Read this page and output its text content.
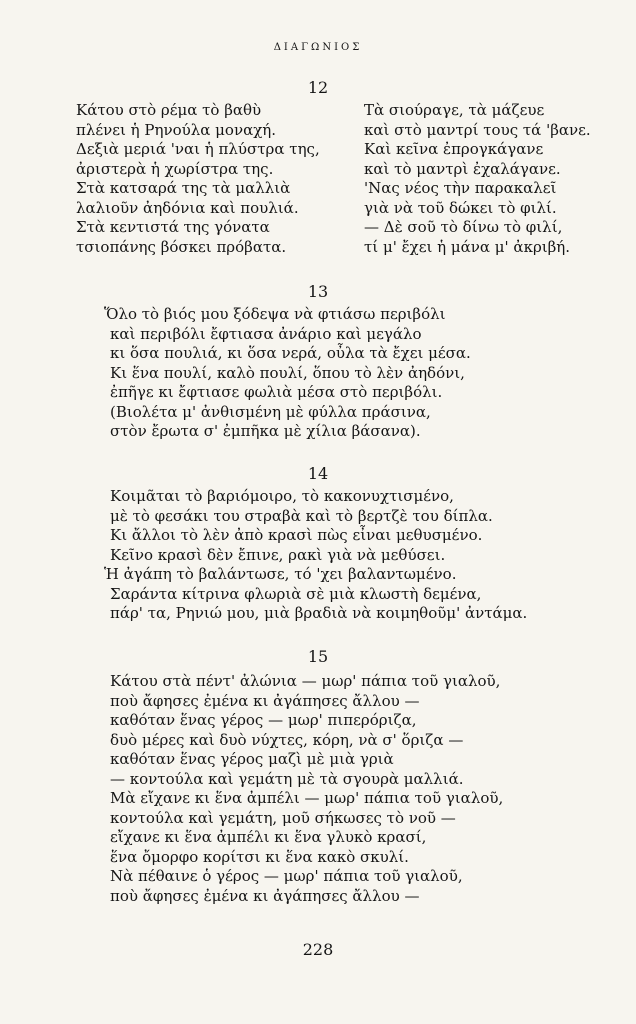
ΔΙΑΓΩΝΙΟΣ
12
Κάτου στὸ ρέμα τὸ βαθὺ
πλένει ἡ Ρηνούλα μοναχή.
Δεξιὰ μεριά 'ναι ἡ πλύστρα της,
ἀριστερὰ ἡ χωρίστρα της.
Στὰ κατσαρά της τὰ μαλλιὰ
λαλιοῦν ἀηδόνια καὶ πουλιά.
Στὰ κεντιστά της γόνατα
τσιοπάνης βόσκει πρόβατα.
Τὰ σιούραγε, τὰ μάζευε
καὶ στὸ μαντρί τους τά 'βανε.
Καὶ κεῖνα ἐπρογκάγανε
καὶ τὸ μαντρὶ ἐχαλάγανε.
'Νας νέος τὴν παρακαλεῖ
γιὰ νὰ τοῦ δώκει τὸ φιλί.
— Δὲ σοῦ τὸ δίνω τὸ φιλί,
τί μ' ἔχει ἡ μάνα μ' ἀκριβή.
13
Ὅλο τὸ βιός μου ξόδεψα νὰ φτιάσω περιβόλι
καὶ περιβόλι ἔφτιασα ἀνάριο καὶ μεγάλο
κι ὅσα πουλιά, κι ὅσα νερά, οὖλα τὰ ἔχει μέσα.
Κι ἕνα πουλί, καλὸ πουλί, ὅπου τὸ λὲν ἀηδόνι,
ἐπῆγε κι ἔφτιασε φωλιὰ μέσα στὸ περιβόλι.
(Βιολέτα μ' ἀνθισμένη μὲ φύλλα πράσινα,
στὸν ἔρωτα σ' ἐμπῆκα μὲ χίλια βάσανα).
14
Κοιμᾶται τὸ βαριόμοιρο, τὸ κακονυχτισμένο,
μὲ τὸ φεσάκι του στραβὰ καὶ τὸ βερτζὲ του δίπλα.
Κι ἄλλοι τὸ λὲν ἀπὸ κρασὶ πὼς εἶναι μεθυσμένο.
Κεῖνο κρασὶ δὲν ἔπινε, ρακὶ γιὰ νὰ μεθύσει.
Ἡ ἀγάπη τὸ βαλάντωσε, τό 'χει βαλαντωμένο.
Σαράντα κίτρινα φλωριὰ σὲ μιὰ κλωστὴ δεμένα,
πάρ' τα, Ρηνιώ μου, μιὰ βραδιὰ νὰ κοιμηθοῦμ' ἀντάμα.
15
Κάτου στὰ πέντ' ἀλώνια — μωρ' πάπια τοῦ γιαλοῦ,
ποὺ ἄφησες ἐμένα κι ἀγάπησες ἄλλου —
καθόταν ἕνας γέρος — μωρ' πιπερόριζα,
δυὸ μέρες καὶ δυὸ νύχτες, κόρη, νὰ σ' ὅριζα —
καθόταν ἕνας γέρος μαζὶ μὲ μιὰ γριὰ
— κοντούλα καὶ γεμάτη μὲ τὰ σγουρὰ μαλλιά.
Μὰ εἴχανε κι ἕνα ἀμπέλι — μωρ' πάπια τοῦ γιαλοῦ,
κοντούλα καὶ γεμάτη, μοῦ σήκωσες τὸ νοῦ —
εἴχανε κι ἕνα ἀμπέλι κι ἕνα γλυκὸ κρασί,
ἕνα ὄμορφο κορίτσι κι ἕνα κακὸ σκυλί.
Νὰ πέθαινε ὁ γέρος — μωρ' πάπια τοῦ γιαλοῦ,
ποὺ ἄφησες ἐμένα κι ἀγάπησες ἄλλου —
228
